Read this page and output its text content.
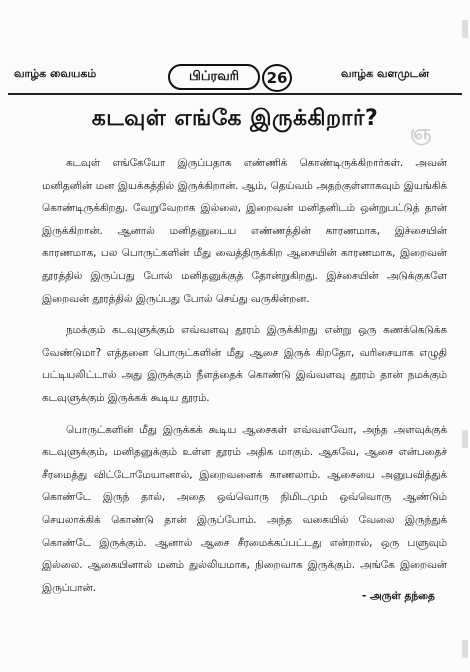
வாழ்க வையகம்	பிப்ரவரி	26	வாழ்க வளமுடன்
ஞ
கடவுள் எங்கே இருக்கிறார்?

கடவுள் எங்கேயோ இருப்பதாக எண்ணிக் கொண்டிருக்கிறார்கள். அவன் மனிதனின் மன இயக்கத்தில் இருக்கிறான். ஆம், தெய்வம் அதற்குள்ளாகவும் இயங்கிக் கொண்டிருக்கிறது. வேறுவேறாக இல்லை, இறைவன் மனிதனிடம் ஒன்றுபட்டுத் தான் இருக்கிறான். ஆனால் மனிதனுடைய எண்ணத்தின் காரணமாக, இச்சையின் காரணமாக, பல பொருட்களின் மீது வைத்திருக்கிற ஆசையின் காரணமாக, இறைவன் தூரத்தில் இருப்பது போல் மனிதனுக்குத் தோன்றுகிறது. இச்சையின் அடுக்குகளே இறைவன் தூரத்தில் இருப்பது போல் செய்து வருகின்றன.

நமக்கும் கடவுளுக்கும் எவ்வளவு தூரம் இருக்கிறது என்று ஒரு கணக்கெடுக்க வேண்டுமா? எத்தனை பொருட்களின் மீது ஆசை இருக் கிறதோ, வரிசையாக எழுதி பட்டியலிட்டால் அது இருக்கும் நீளத்தைக் கொண்டு இவ்வளவு தூரம் தான் நமக்கும் கடவுளுக்கும் இருக்கக் கூடிய தூரம்.

பொருட்களின் மீது இருக்கக் கூடிய ஆசைகள் எவ்வளவோ, அந்த அளவுக்குக் கடவுளுக்கும், மனிதனுக்கும் உள்ள தூரம் அதிக மாகும். ஆகவே, ஆசை என்பதைச் சீரமைத்து விட்டோமேயானால், இறைவனைக் காணலாம். ஆசையை அனுபவித்துக் கொண்டே இருந் தால், அதை ஒவ்வொரு நிமிடமும் ஒவ்வொரு ஆண்டும் செயலாக்கிக் கொண்டு தான் இருப்போம். அந்த வகையில் வேலை இருந்துக் கொண்டே இருக்கும். ஆனால் ஆசை சீரமைக்கப்பட்டது என்றால், ஒரு பளுவும் இல்லை. ஆகையினால் மனம் துல்லியமாக, நிறைவாக இருக்கும். அங்கே இறைவன் இருப்பான்.

- அருள் தந்தை
